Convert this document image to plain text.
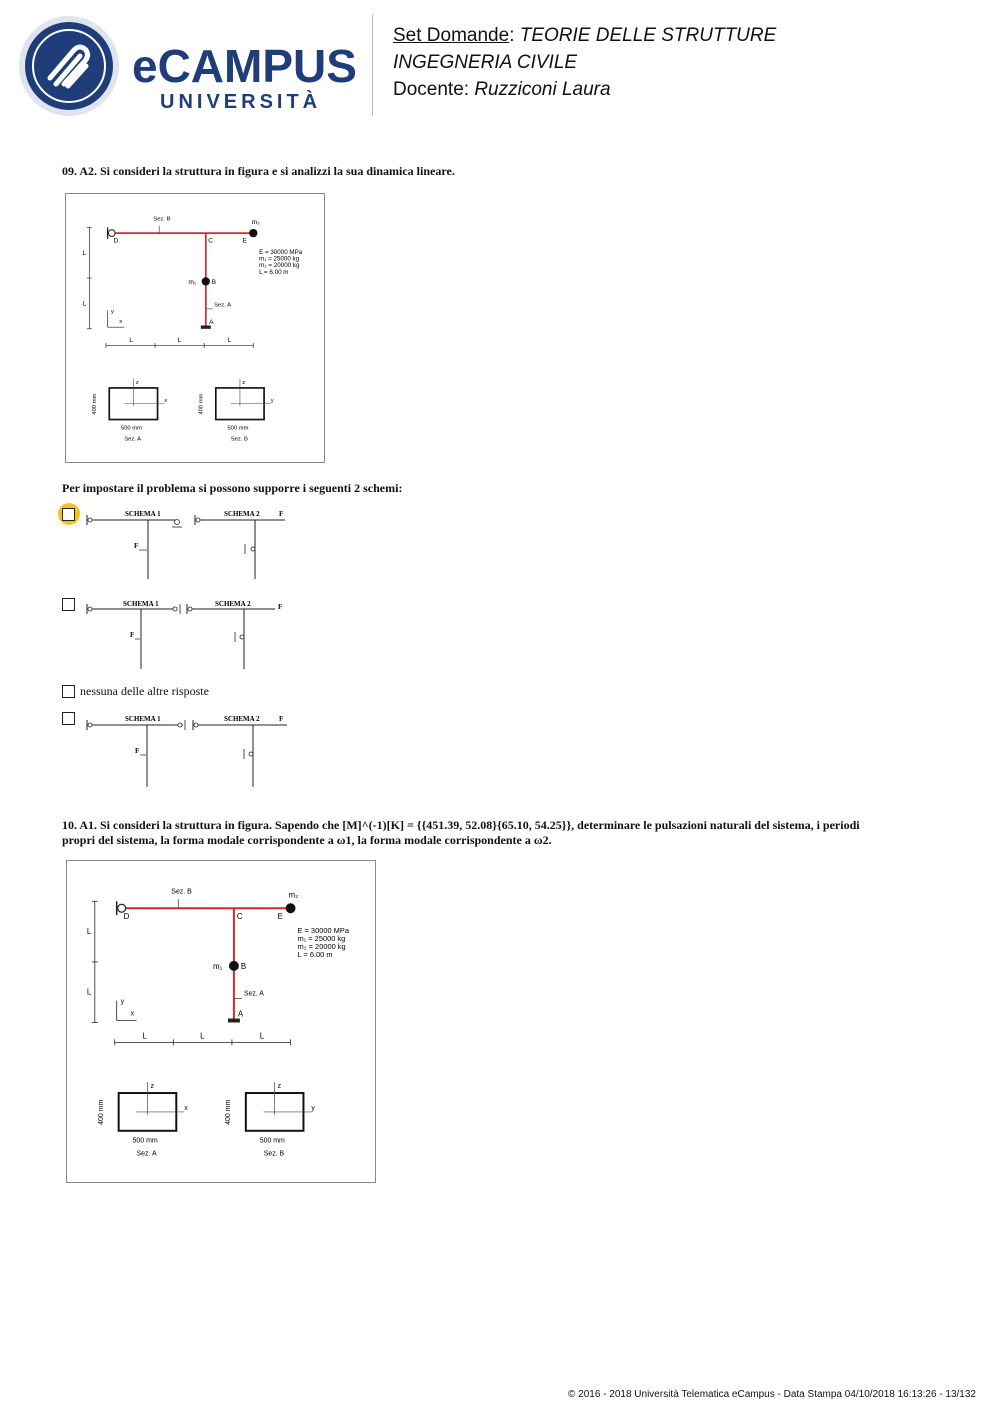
eCAMPUS
UNIVERSITÀ
Set Domande: TEORIE DELLE STRUTTURE
INGEGNERIA CIVILE
Docente: Ruzziconi Laura
09. A2. Si consideri la struttura in figura e si analizzi la sua dinamica lineare.
Sez. B
Sez. A
m₂
m₁
D	C	E
B
A
E = 30000 MPa
m₁ = 25000 kg
m₂ = 20000 kg
L = 6.00 m
L
L
y
x
L	L	L
z
x
400 mm
500 mm
Sez. A
z
y
400 mm
500 mm
Sez. B
Per impostare il problema si possono supporre i seguenti 2 schemi:
SCHEMA 1
F
SCHEMA 2	F
SCHEMA 1
F
SCHEMA 2	F
nessuna delle altre risposte
SCHEMA 1
F
SCHEMA 2	F
10. A1. Si consideri la struttura in figura. Sapendo che [M]^(-1)[K] = {{451.39, 52.08}{65.10, 54.25}}, determinare le pulsazioni naturali del sistema, i periodi
propri del sistema, la forma modale corrispondente a ω1, la forma modale corrispondente a ω2.
Sez. B
Sez. A
m₂
m₁
D	C	E
B
A
E = 30000 MPa
m₁ = 25000 kg
m₂ = 20000 kg
L = 6.00 m
L
L
y
x
L	L	L
z
x
400 mm
500 mm
Sez. A
z
y
400 mm
500 mm
Sez. B
© 2016 - 2018 Università Telematica eCampus - Data Stampa 04/10/2018 16:13:26 - 13/132
